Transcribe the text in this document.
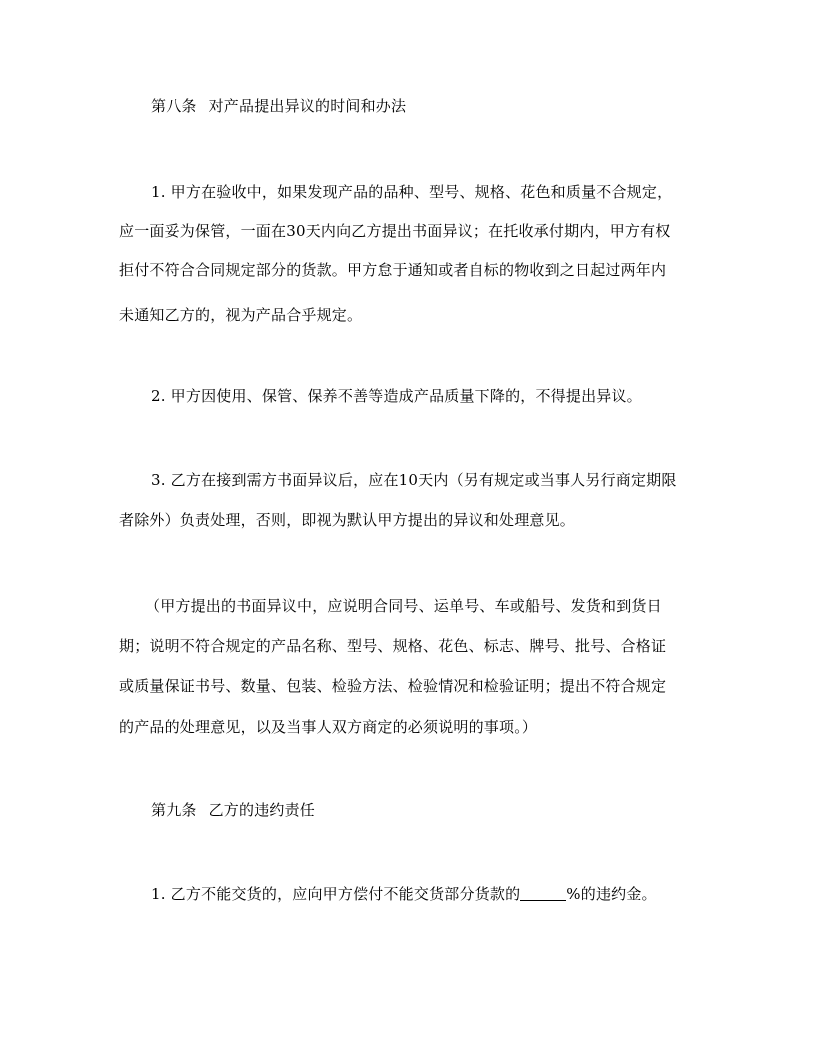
第八条 对产品提出异议的时间和办法
1. 甲方在验收中，如果发现产品的品种、型号、规格、花色和质量不合规定，
应一面妥为保管，一面在30天内向乙方提出书面异议；在托收承付期内，甲方有权
拒付不符合合同规定部分的货款。甲方怠于通知或者自标的物收到之日起过两年内
未通知乙方的，视为产品合乎规定。
2. 甲方因使用、保管、保养不善等造成产品质量下降的，不得提出异议。
3. 乙方在接到需方书面异议后，应在10天内（另有规定或当事人另行商定期限
者除外）负责处理，否则，即视为默认甲方提出的异议和处理意见。
（甲方提出的书面异议中，应说明合同号、运单号、车或船号、发货和到货日
期；说明不符合规定的产品名称、型号、规格、花色、标志、牌号、批号、合格证
或质量保证书号、数量、包装、检验方法、检验情况和检验证明；提出不符合规定
的产品的处理意见，以及当事人双方商定的必须说明的事项。）
第九条 乙方的违约责任
1. 乙方不能交货的，应向甲方偿付不能交货部分货款的	%的违约金。
